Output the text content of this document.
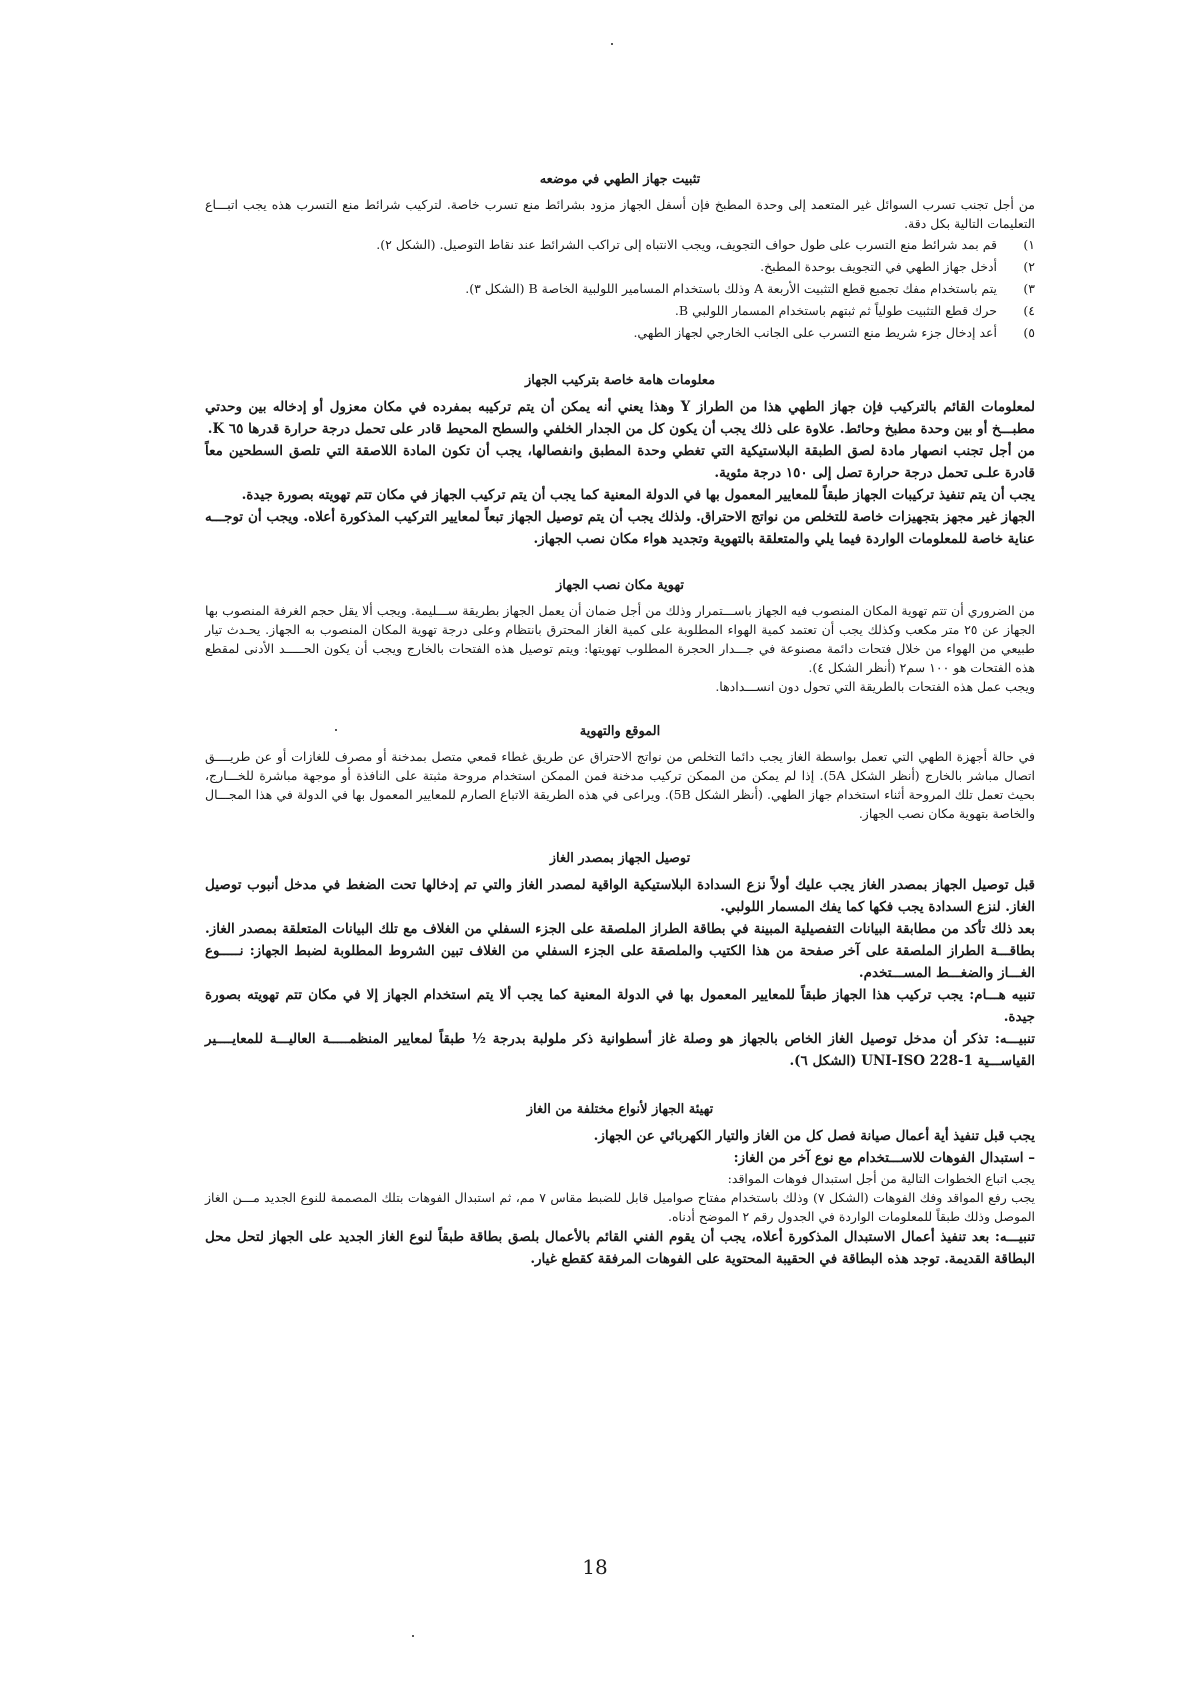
تثبيت جهاز الطهي في موضعه

من أجل تجنب تسرب السوائل غير المتعمد إلى وحدة المطبخ فإن أسفل الجهاز مزود بشرائط منع تسرب خاصة. لتركيب شرائط منع التسرب هذه يجب اتبـــاع التعليمات التالية بكل دقة.

١)
قم بمد شرائط منع التسرب على طول حواف التجويف، ويجب الانتباه إلى تراكب الشرائط عند نقاط التوصيل. (الشكل ٢).
٢)
أدخل جهاز الطهي في التجويف بوحدة المطبخ.
٣)
يتم باستخدام مفك تجميع قطع التثبيت الأربعة A وذلك باستخدام المسامير اللولبية الخاصة B (الشكل ٣).
٤)
حرك قطع التثبيت طولياً ثم ثبتهم باستخدام المسمار اللولبي B.
٥)
أعد إدخال جزء شريط منع التسرب على الجانب الخارجي لجهاز الطهي.
معلومات هامة خاصة بتركيب الجهاز

لمعلومات القائم بالتركيب فإن جهاز الطهي هذا من الطراز Y وهذا يعني أنه يمكن أن يتم تركيبه بمفرده في مكان معزول أو إدخاله بين وحدتي مطبـــخ أو بين وحدة مطبخ وحائط. علاوة على ذلك يجب أن يكون كل من الجدار الخلفي والسطح المحيط قادر على تحمل درجة حرارة قدرها ٦٥ K.

من أجل تجنب انصهار مادة لصق الطبقة البلاستيكية التي تغطي وحدة المطبق وانفصالها، يجب أن تكون المادة اللاصقة التي تلصق السطحين معاً قادرة علـى تحمل درجة حرارة تصل إلى ١٥٠ درجة مئوية.

يجب أن يتم تنفيذ تركيبات الجهاز طبقاً للمعايير المعمول بها في الدولة المعنية كما يجب أن يتم تركيب الجهاز في مكان تتم تهويته بصورة جيدة.

الجهاز غير مجهز بتجهيزات خاصة للتخلص من نواتج الاحتراق. ولذلك يجب أن يتم توصيل الجهاز تبعاً لمعايير التركيب المذكورة أعلاه. ويجب أن توجـــه عناية خاصة للمعلومات الواردة فيما يلي والمتعلقة بالتهوية وتجديد هواء مكان نصب الجهاز.

تهوية مكان نصب الجهاز

من الضروري أن تتم تهوية المكان المنصوب فيه الجهاز باســـتمرار وذلك من أجل ضمان أن يعمل الجهاز بطريقة ســـليمة. ويجب ألا يقل حجم الغرفة المنصوب بها الجهاز عن ٢٥ متر مكعب وكذلك يجب أن تعتمد كمية الهواء المطلوبة على كمية الغاز المحترق بانتظام وعلى درجة تهوية المكان المنصوب به الجهاز. يحـدث تيار طبيعي من الهواء من خلال فتحات دائمة مصنوعة في جـــدار الحجرة المطلوب تهويتها: ويتم توصيل هذه الفتحات بالخارج ويجب أن يكون الحـــــد الأدنى لمقطع هذه الفتحات هو ١٠٠ سم٢ (أنظر الشكل ٤).

ويجب عمل هذه الفتحات بالطريقة التي تحول دون انســـدادها.

الموقع والتهوية

في حالة أجهزة الطهي التي تعمل بواسطة الغاز يجب دائما التخلص من نواتج الاحتراق عن طريق غطاء قمعي متصل بمدخنة أو مصرف للغازات أو عن طريــــق اتصال مباشر بالخارج (أنظر الشكل 5A). إذا لم يمكن من الممكن تركيب مدخنة فمن الممكن استخدام مروحة مثبتة على النافذة أو موجهة مباشرة للخـــارج، بحيث تعمل تلك المروحة أثناء استخدام جهاز الطهي. (أنظر الشكل 5B). ويراعى في هذه الطريقة الاتباع الصارم للمعايير المعمول بها في الدولة في هذا المجـــال والخاصة بتهوية مكان نصب الجهاز.

توصيل الجهاز بمصدر الغاز

قبل توصيل الجهاز بمصدر الغاز يجب عليك أولاً نزع السدادة البلاستيكية الواقية لمصدر الغاز والتي تم إدخالها تحت الضغط في مدخل أنبوب توصيل الغاز. لنزع السدادة يجب فكها كما يفك المسمار اللولبي.

بعد ذلك تأكد من مطابقة البيانات التفصيلية المبينة في بطاقة الطراز الملصقة على الجزء السفلي من الغلاف مع تلك البيانات المتعلقة بمصدر الغاز. بطاقـــة الطراز الملصقة على آخر صفحة من هذا الكتيب والملصقة على الجزء السفلي من الغلاف تبين الشروط المطلوبة لضبط الجهاز: نـــــوع الغـــاز والضغـــط المســـتخدم.

تنبيه هـــام: يجب تركيب هذا الجهاز طبقاً للمعايير المعمول بها في الدولة المعنية كما يجب ألا يتم استخدام الجهاز إلا في مكان تتم تهويته بصورة جيدة.

تنبيـــه: تذكر أن مدخل توصيل الغاز الخاص بالجهاز هو وصلة غاز أسطوانية ذكر ملولبة بدرجة ½ طبقاً لمعايير المنظمـــــة العاليـــة للمعايــــير القياســـية UNI-ISO 228-1 (الشكل ٦).

تهيئة الجهاز لأنواع مختلفة من الغاز

يجب قبل تنفيذ أية أعمال صيانة فصل كل من الغاز والتيار الكهربائي عن الجهاز.

– استبدال الفوهات للاســـتخدام مع نوع آخر من الغاز:

يجب اتباع الخطوات التالية من أجل استبدال فوهات المواقد:

يجب رفع المواقد وفك الفوهات (الشكل ٧) وذلك باستخدام مفتاح صواميل قابل للضبط مقاس ٧ مم، ثم استبدال الفوهات بتلك المصممة للنوع الجديد مـــن الغاز الموصل وذلك طبقاً للمعلومات الواردة في الجدول رقم ٢ الموضح أدناه.

تنبيـــه: بعد تنفيذ أعمال الاستبدال المذكورة أعلاه، يجب أن يقوم الفني القائم بالأعمال بلصق بطاقة طبقاً لنوع الغاز الجديد على الجهاز لتحل محل البطاقة القديمة. توجد هذه البطاقة في الحقيبة المحتوية على الفوهات المرفقة كقطع غيار.

18
